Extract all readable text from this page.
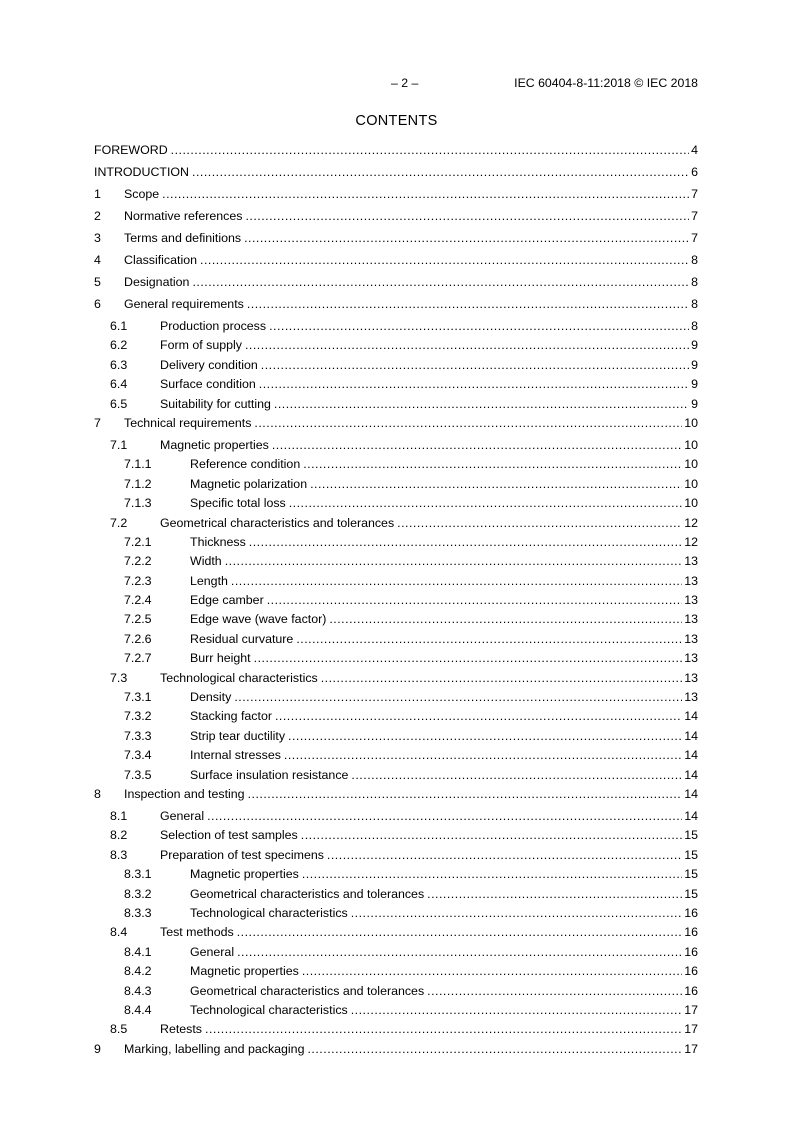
– 2 –	IEC 60404-8-11:2018 © IEC 2018
CONTENTS
FOREWORD .....	4
INTRODUCTION .....	6
1	Scope .....	7
2	Normative references .....	7
3	Terms and definitions .....	7
4	Classification .....	8
5	Designation .....	8
6	General requirements .....	8
6.1	Production process .....	8
6.2	Form of supply .....	9
6.3	Delivery condition .....	9
6.4	Surface condition .....	9
6.5	Suitability for cutting .....	9
7	Technical requirements .....	10
7.1	Magnetic properties .....	10
7.1.1	Reference condition .....	10
7.1.2	Magnetic polarization .....	10
7.1.3	Specific total loss .....	10
7.2	Geometrical characteristics and tolerances .....	12
7.2.1	Thickness .....	12
7.2.2	Width .....	13
7.2.3	Length .....	13
7.2.4	Edge camber .....	13
7.2.5	Edge wave (wave factor) .....	13
7.2.6	Residual curvature .....	13
7.2.7	Burr height .....	13
7.3	Technological characteristics .....	13
7.3.1	Density .....	13
7.3.2	Stacking factor .....	14
7.3.3	Strip tear ductility .....	14
7.3.4	Internal stresses .....	14
7.3.5	Surface insulation resistance .....	14
8	Inspection and testing .....	14
8.1	General .....	14
8.2	Selection of test samples .....	15
8.3	Preparation of test specimens .....	15
8.3.1	Magnetic properties .....	15
8.3.2	Geometrical characteristics and tolerances .....	15
8.3.3	Technological characteristics .....	16
8.4	Test methods .....	16
8.4.1	General .....	16
8.4.2	Magnetic properties .....	16
8.4.3	Geometrical characteristics and tolerances .....	16
8.4.4	Technological characteristics .....	17
8.5	Retests .....	17
9	Marking, labelling and packaging .....	17
